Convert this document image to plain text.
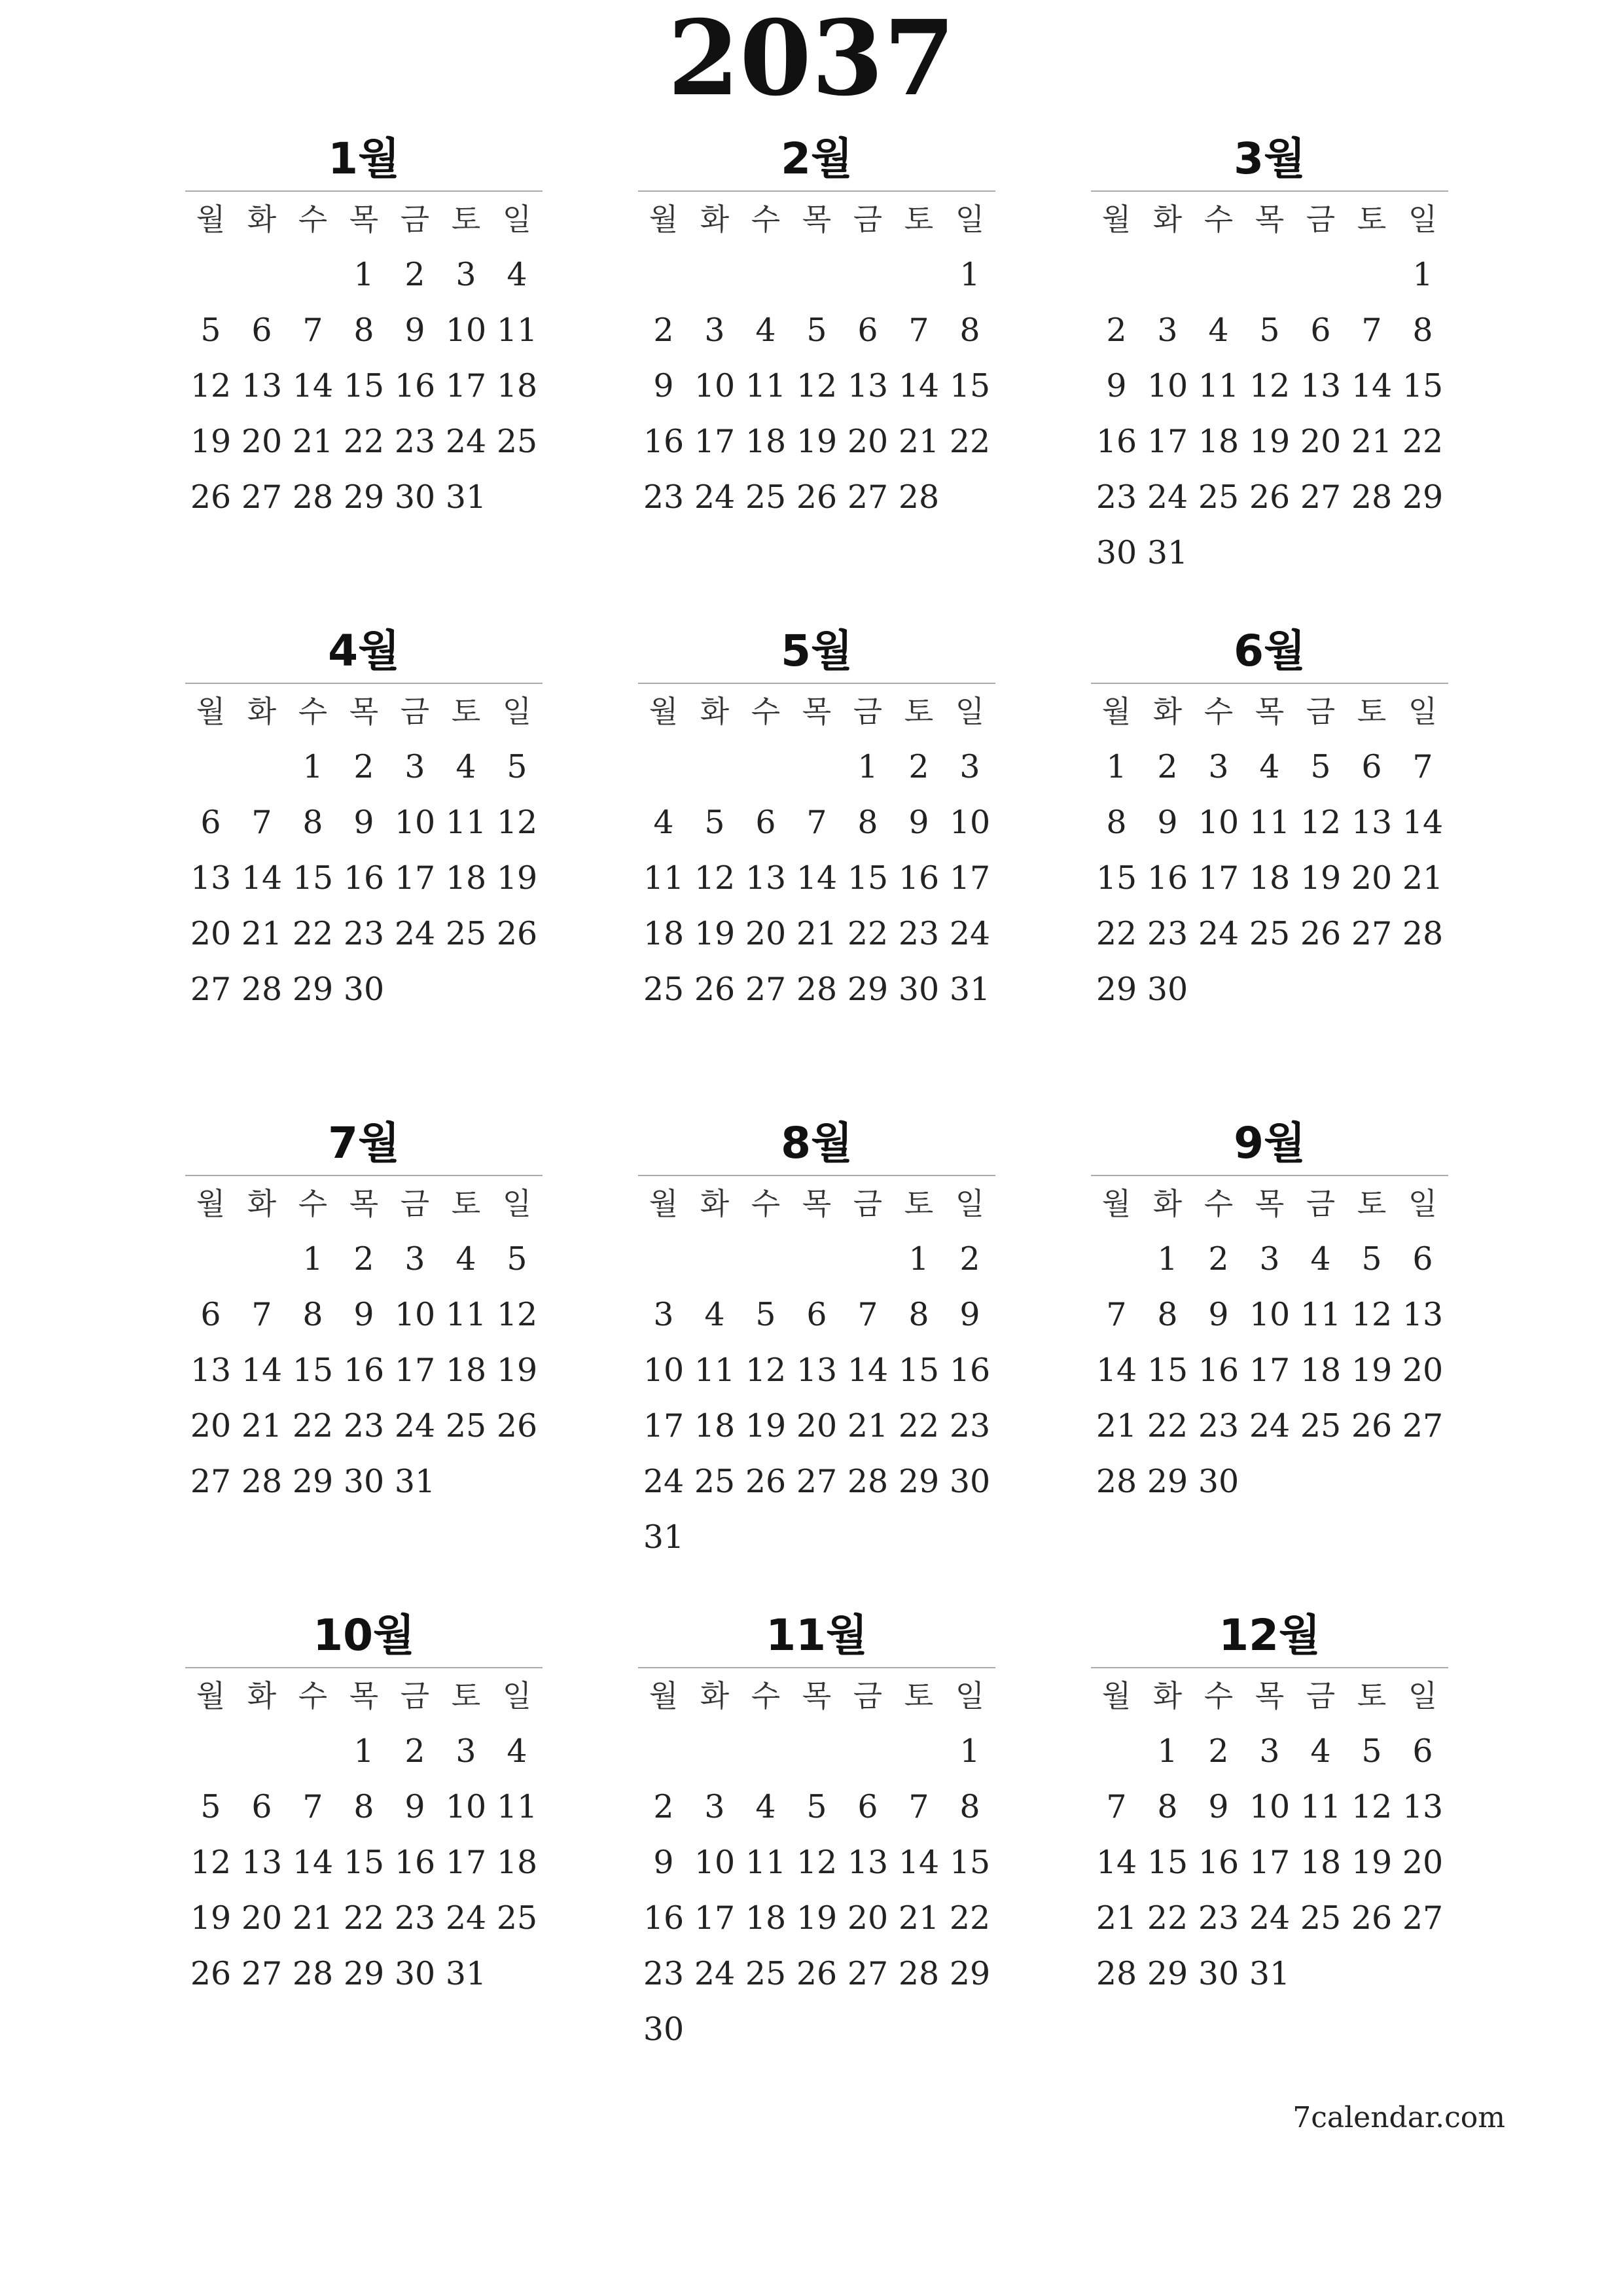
2037
1월
월 화 수 목 금 토 일
1 2 3 4
5 6 7 8 9 10 11
12 13 14 15 16 17 18
19 20 21 22 23 24 25
26 27 28 29 30 31
2월
월 화 수 목 금 토 일
1
2 3 4 5 6 7 8
9 10 11 12 13 14 15
16 17 18 19 20 21 22
23 24 25 26 27 28
3월
월 화 수 목 금 토 일
1
2 3 4 5 6 7 8
9 10 11 12 13 14 15
16 17 18 19 20 21 22
23 24 25 26 27 28 29
30 31
4월
월 화 수 목 금 토 일
1 2 3 4 5
6 7 8 9 10 11 12
13 14 15 16 17 18 19
20 21 22 23 24 25 26
27 28 29 30
5월
월 화 수 목 금 토 일
1 2 3
4 5 6 7 8 9 10
11 12 13 14 15 16 17
18 19 20 21 22 23 24
25 26 27 28 29 30 31
6월
월 화 수 목 금 토 일
1 2 3 4 5 6 7
8 9 10 11 12 13 14
15 16 17 18 19 20 21
22 23 24 25 26 27 28
29 30
7월
월 화 수 목 금 토 일
1 2 3 4 5
6 7 8 9 10 11 12
13 14 15 16 17 18 19
20 21 22 23 24 25 26
27 28 29 30 31
8월
월 화 수 목 금 토 일
1 2
3 4 5 6 7 8 9
10 11 12 13 14 15 16
17 18 19 20 21 22 23
24 25 26 27 28 29 30
31
9월
월 화 수 목 금 토 일
1 2 3 4 5 6
7 8 9 10 11 12 13
14 15 16 17 18 19 20
21 22 23 24 25 26 27
28 29 30
10월
월 화 수 목 금 토 일
1 2 3 4
5 6 7 8 9 10 11
12 13 14 15 16 17 18
19 20 21 22 23 24 25
26 27 28 29 30 31
11월
월 화 수 목 금 토 일
1
2 3 4 5 6 7 8
9 10 11 12 13 14 15
16 17 18 19 20 21 22
23 24 25 26 27 28 29
30
12월
월 화 수 목 금 토 일
1 2 3 4 5 6
7 8 9 10 11 12 13
14 15 16 17 18 19 20
21 22 23 24 25 26 27
28 29 30 31
7calendar.com
